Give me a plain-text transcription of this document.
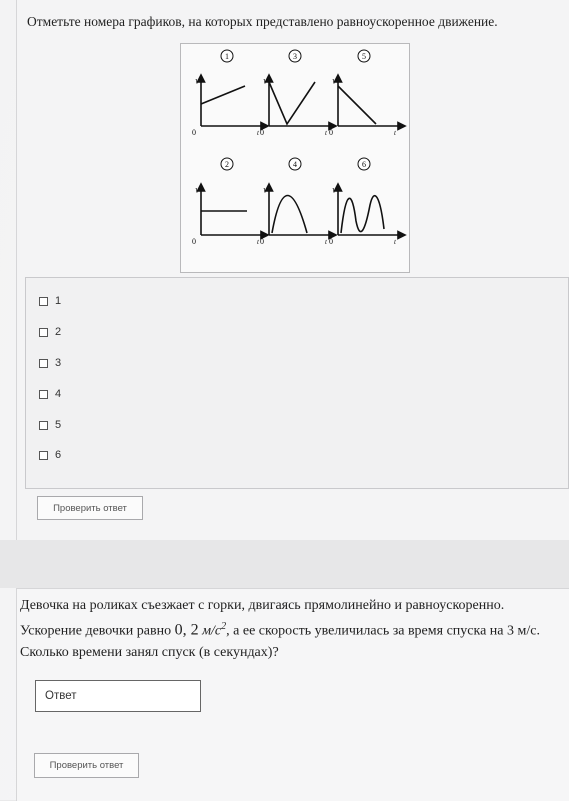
Отметьте номера графиков, на которых представлено равноускоренное движение.
V
t
0
1
V
t
0
3
V
t
0
5
V
t
0
2
V
t
0
4
V
t
0
6
1
2
3
4
5
6
Проверить ответ
Девочка на роликах съезжает с горки, двигаясь прямолинейно и равноускоренно. Ускорение девочки равно 0, 2 $м/с^2$, а ее скорость увеличилась за время спуска на 3 м/с. Сколько времени занял спуск (в секундах)?
Ответ
Проверить ответ
